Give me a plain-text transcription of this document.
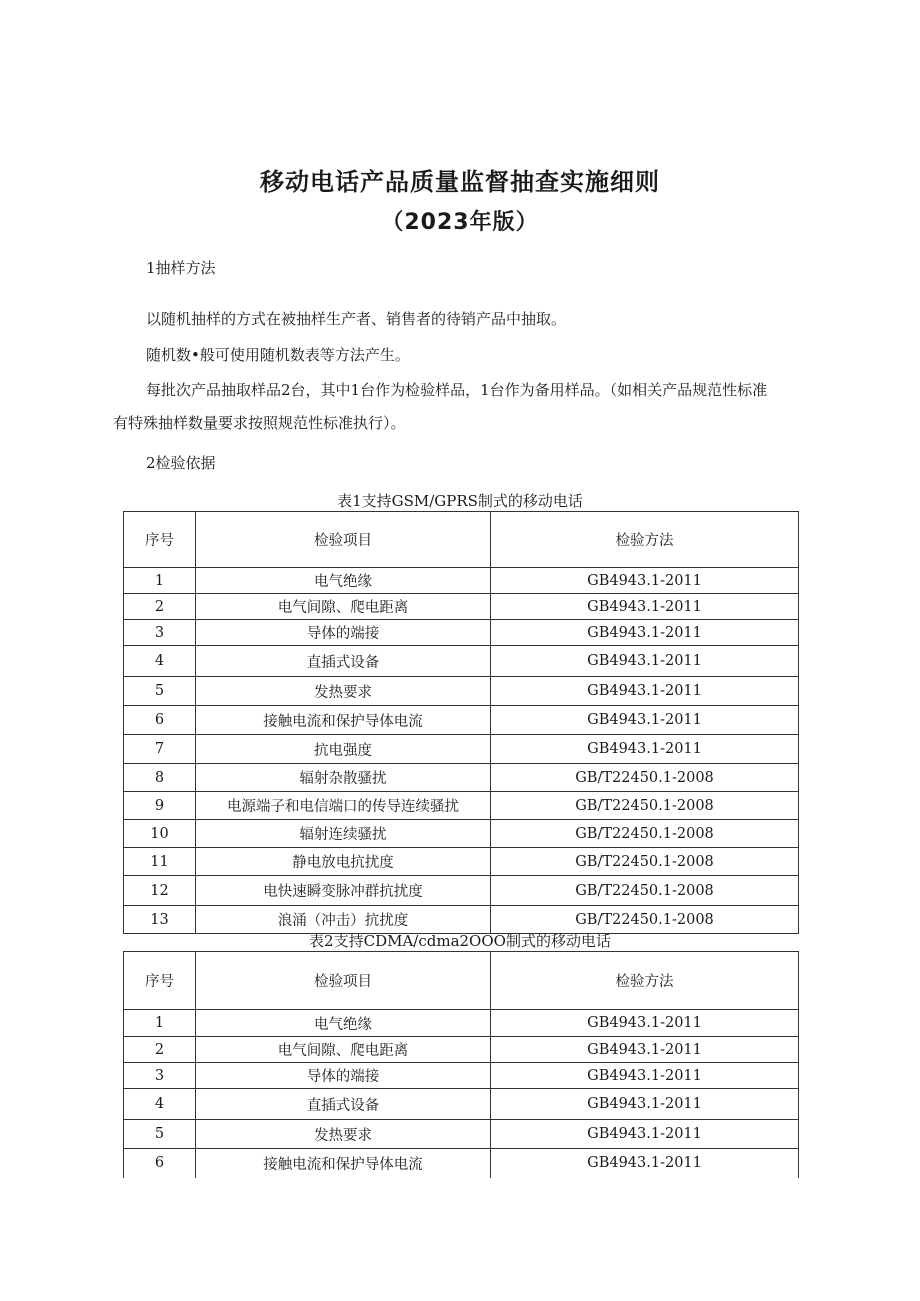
移动电话产品质量监督抽查实施细则
（2023年版）
1抽样方法
以随机抽样的方式在被抽样生产者、销售者的待销产品中抽取。
随机数•般可使用随机数表等方法产生。
每批次产品抽取样品2台，其中1台作为检验样品，1台作为备用样品。（如相关产品规范性标准
有特殊抽样数量要求按照规范性标准执行）。
2检验依据
表1支持GSM/GPRS制式的移动电话
序号	检验项目	检验方法
1	电气绝缘	GB4943.1-2011
2	电气间隙、爬电距离	GB4943.1-2011
3	导体的端接	GB4943.1-2011
4	直插式设备	GB4943.1-2011
5	发热要求	GB4943.1-2011
6	接触电流和保护导体电流	GB4943.1-2011
7	抗电强度	GB4943.1-2011
8	辐射杂散骚扰	GB/T22450.1-2008
9	电源端子和电信端口的传导连续骚扰	GB/T22450.1-2008
10	辐射连续骚扰	GB/T22450.1-2008
11	静电放电抗扰度	GB/T22450.1-2008
12	电快速瞬变脉冲群抗扰度	GB/T22450.1-2008
13	浪涌（冲击）抗扰度	GB/T22450.1-2008
表2支持CDMA/cdma2OOO制式的移动电话
序号	检验项目	检验方法
1	电气绝缘	GB4943.1-2011
2	电气间隙、爬电距离	GB4943.1-2011
3	导体的端接	GB4943.1-2011
4	直插式设备	GB4943.1-2011
5	发热要求	GB4943.1-2011
6	接触电流和保护导体电流	GB4943.1-2011
